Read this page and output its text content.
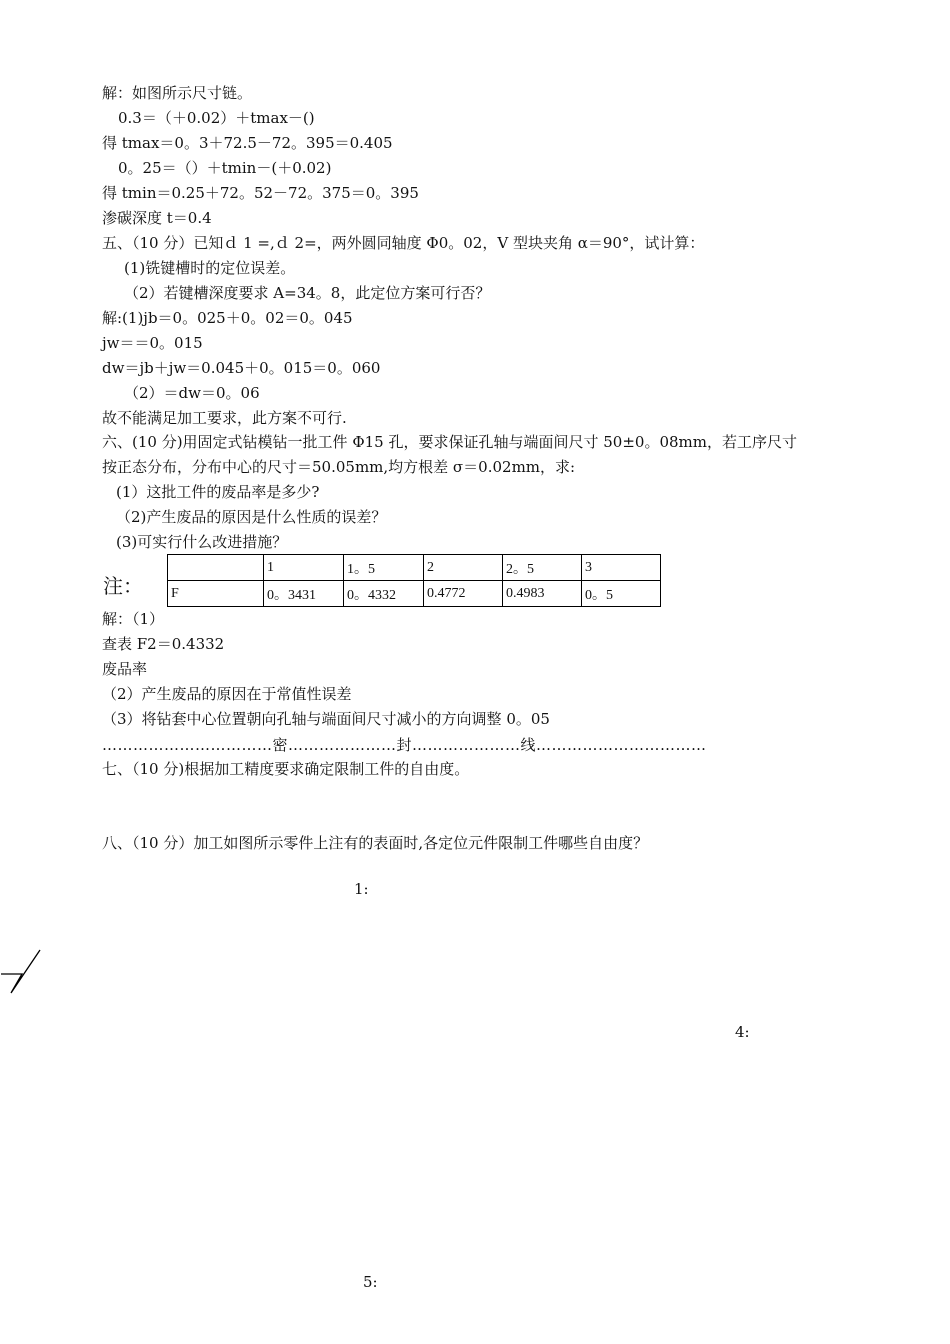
解：如图所示尺寸链。
0.3＝（＋0.02）＋tmax－()
得 tmax＝0。3＋72.5－72。395＝0.405
0。25＝（）＋tmin－(＋0.02)
得 tmin＝0.25＋72。52－72。375＝0。395
渗碳深度 t＝0.4
五、（10 分）已知ｄ 1 =,ｄ 2=，两外圆同轴度 Φ0。02，V 型块夹角 α＝90°，试计算：
(1)铣键槽时的定位误差。
（2）若键槽深度要求 A=34。8，此定位方案可行否？
解:(1)jb＝0。025＋0。02＝0。045
jw＝＝0。015
dw＝jb＋jw＝0.045＋0。015＝0。060
（2）＝dw＝0。06
故不能满足加工要求，此方案不可行.
六、(10 分)用固定式钻模钻一批工件 Φ15 孔，要求保证孔轴与端面间尺寸 50±0。08mm，若工序尺寸
按正态分布，分布中心的尺寸＝50.05mm,均方根差 σ＝0.02mm，求:
(1）这批工件的废品率是多少?
（2)产生废品的原因是什么性质的误差？
(3)可实行什么改进措施？
注：
	1	1。5	2	2。5	3
F	0。3431	0。4332	0.4772	0.4983	0。5
解：（1）
查表 F2＝0.4332
废品率
（2）产生废品的原因在于常值性误差
（3）将钻套中心位置朝向孔轴与端面间尺寸减小的方向调整 0。05
……………………………密…………………封…………………线……………………………
七、（10 分)根据加工精度要求确定限制工件的自由度。
八、（10 分）加工如图所示零件上注有的表面时,各定位元件限制工件哪些自由度？
1:
4:
5:
